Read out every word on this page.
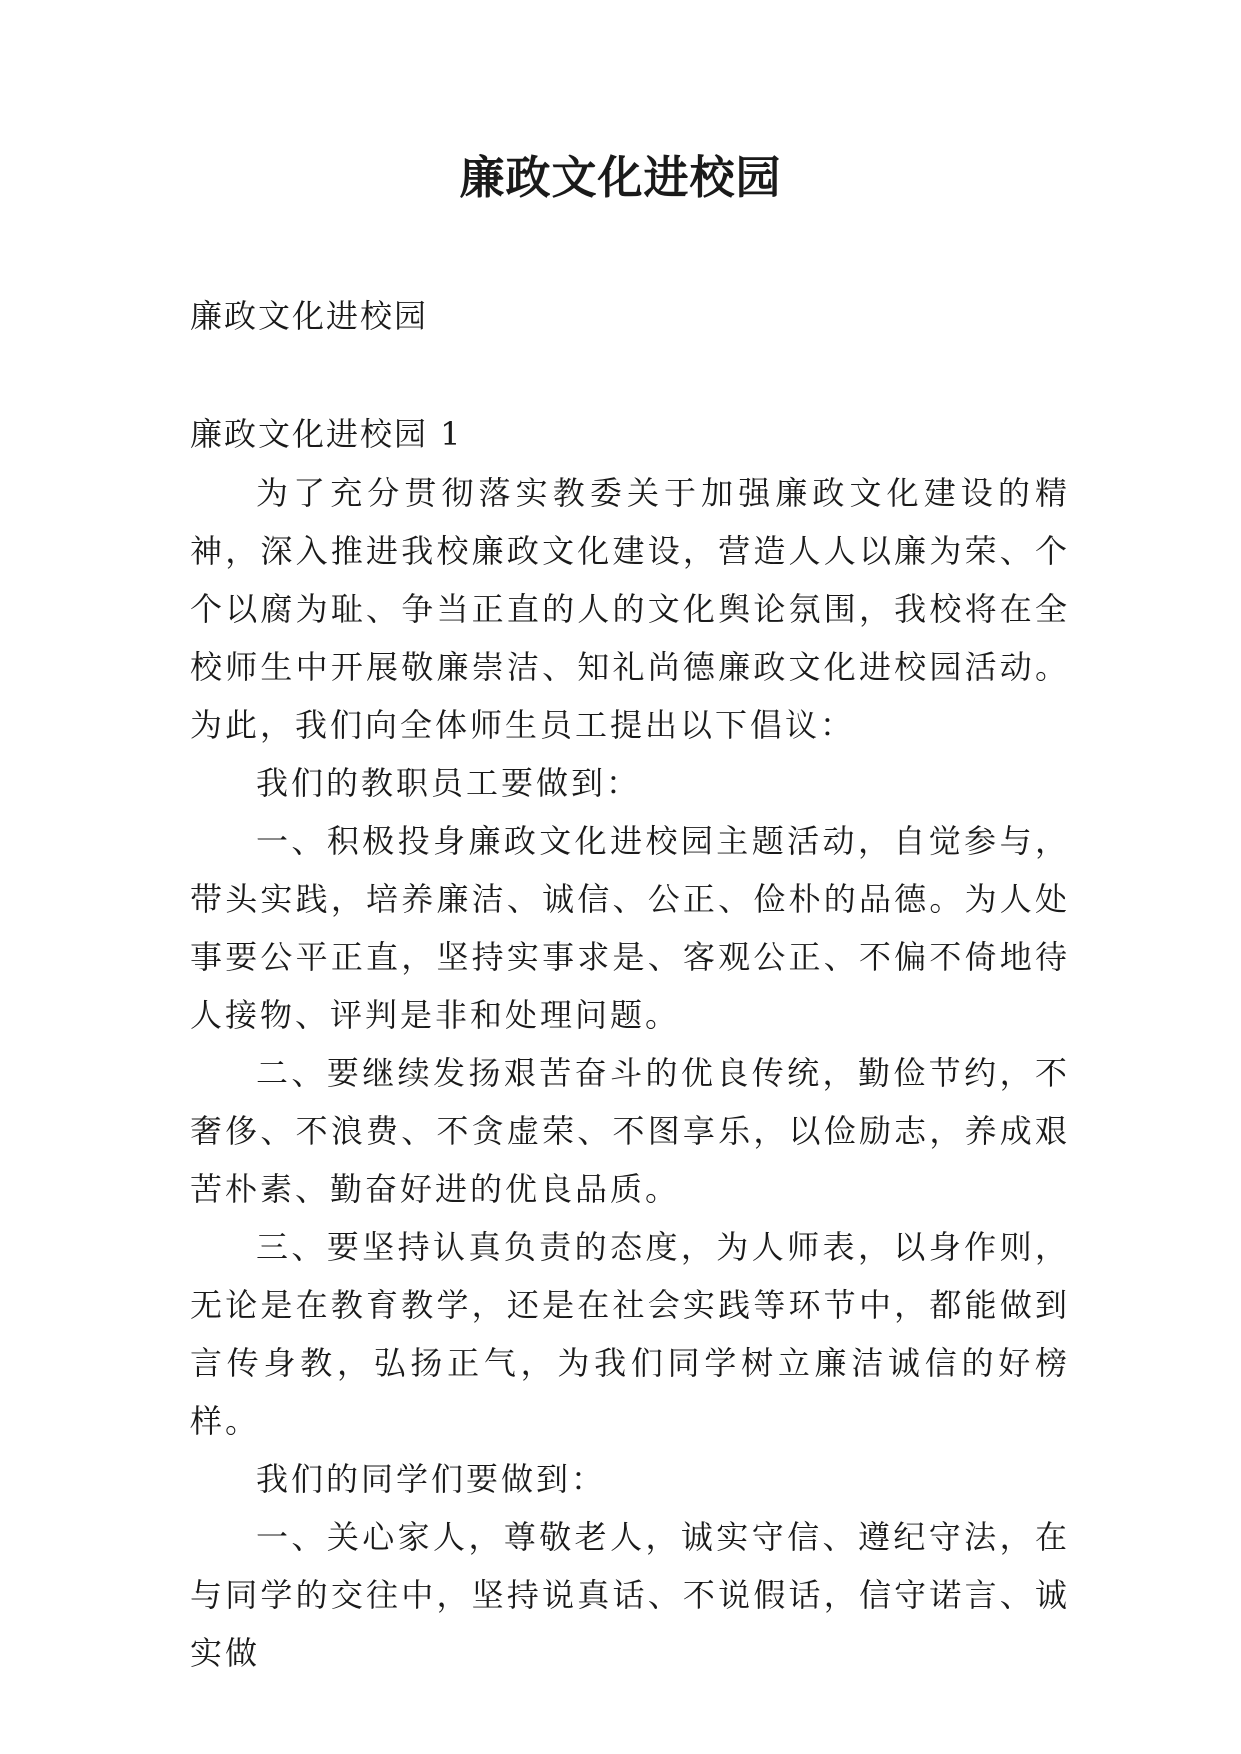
廉政文化进校园
廉政文化进校园
廉政文化进校园 1

为了充分贯彻落实教委关于加强廉政文化建设的精神，深入推进我校廉政文化建设，营造人人以廉为荣、个个以腐为耻、争当正直的人的文化舆论氛围，我校将在全校师生中开展敬廉崇洁、知礼尚德廉政文化进校园活动。为此，我们向全体师生员工提出以下倡议：

我们的教职员工要做到：

一、积极投身廉政文化进校园主题活动，自觉参与，带头实践，培养廉洁、诚信、公正、俭朴的品德。为人处事要公平正直，坚持实事求是、客观公正、不偏不倚地待人接物、评判是非和处理问题。

二、要继续发扬艰苦奋斗的优良传统，勤俭节约，不奢侈、不浪费、不贪虚荣、不图享乐，以俭励志，养成艰苦朴素、勤奋好进的优良品质。

三、要坚持认真负责的态度，为人师表，以身作则，无论是在教育教学，还是在社会实践等环节中，都能做到言传身教，弘扬正气，为我们同学树立廉洁诚信的好榜样。

我们的同学们要做到：

一、关心家人，尊敬老人，诚实守信、遵纪守法，在与同学的交往中，坚持说真话、不说假话，信守诺言、诚实做
